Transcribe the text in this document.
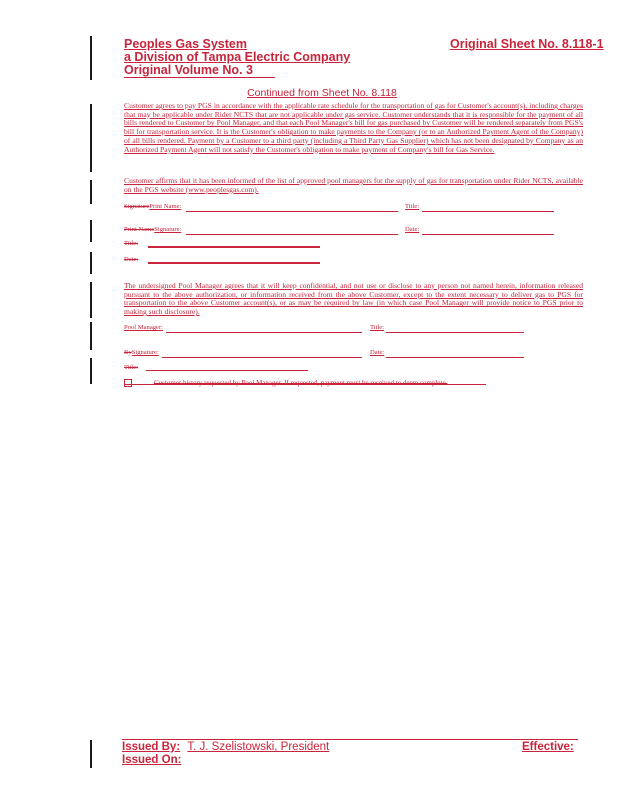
Peoples Gas System
a Division of Tampa Electric Company
Original Volume No. 3
Original Sheet No. 8.118-1
Continued from Sheet No. 8.118
Customer agrees to pay PGS in accordance with the applicable rate schedule for the transportation of gas for Customer's account(s), including charges that may be applicable under Rider NCTS that are not applicable under gas service. Customer understands that it is responsible for the payment of all bills rendered to Customer by Pool Manager, and that each Pool Manager's bill for gas purchased by Customer will be rendered separately from PGS's bill for transportation service. It is the Customer's obligation to make payments to the Company (or to an Authorized Payment Agent of the Company) of all bills rendered. Payment by a Customer to a third party (including a Third Party Gas Supplier) which has not been designated by Company as an Authorized Payment Agent will not satisfy the Customer's obligation to make payment of Company's bill for Gas Service.
Customer affirms that it has been informed of the list of approved pool managers for the supply of gas for transportation under Rider NCTS, available on the PGS website (www.peoplesgas.com).
SignaturePrint Name:	Title:
Print NameSignature:	Date:
Title:
Date:
The undersigned Pool Manager agrees that it will keep confidential, and not use or disclose to any person not named herein, information released pursuant to the above authorization, or information received from the above Customer, except to the extent necessary to deliver gas to PGS for transportation to the above Customer account(s), or as may be required by law (in which case Pool Manager will provide notice to PGS prior to making such disclosure).
Pool Manager:	Title:
BySignature:	Date:
Title:
Customer history requested by Pool Manager. If requested, payment must be received to deem complete.
Issued By: T. J. Szelistowski, President	Effective:
Issued On:
